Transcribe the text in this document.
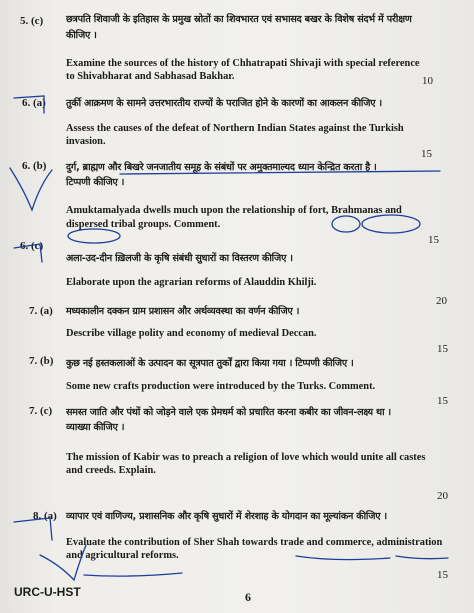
5. (c) छत्रपति शिवाजी के इतिहास के प्रमुख स्रोतों का शिवभारत एवं सभासद बखर के विशेष संदर्भ में परीक्षण
कीजिए ।
Examine the sources of the history of Chhatrapati Shivaji with special reference
to Shivabharat and Sabhasad Bakhar.	10
6. (a) तुर्की आक्रमण के सामने उत्तरभारतीय राज्यों के पराजित होने के कारणों का आकलन कीजिए ।
Assess the causes of the defeat of Northern Indian States against the Turkish
invasion.
15
6. (b) दुर्ग, ब्राह्मण और बिखरे जनजातीय समूह के संबंधों पर अमुक्तमाल्यद ध्यान केन्द्रित करता है ।
टिप्पणी कीजिए ।
Amuktamalyada dwells much upon the relationship of fort, Brahmanas and
dispersed tribal groups. Comment.
15
6. (c)
अला-उद-दीन ख़िलजी के कृषि संबंधी सुधारों का विस्तरण कीजिए ।
Elaborate upon the agrarian reforms of Alauddin Khilji.
20
7. (a) मध्यकालीन दक्कन ग्राम प्रशासन और अर्थव्यवस्था का वर्णन कीजिए ।
Describe village polity and economy of medieval Deccan.
15
7. (b) कुछ नई हस्तकलाओं के उत्पादन का सूत्रपात तुर्कों द्वारा किया गया । टिप्पणी कीजिए ।
Some new crafts production were introduced by the Turks. Comment.
15
7. (c) समस्त जाति और पंथों को जोड़ने वाले एक प्रेमधर्म को प्रचारित करना कबीर का जीवन-लक्ष्य था ।
व्याख्या कीजिए ।
The mission of Kabir was to preach a religion of love which would unite all castes
and creeds. Explain.
20
8. (a) व्यापार एवं वाणिज्य, प्रशासनिक और कृषि सुधारों में शेरशाह के योगदान का मूल्यांकन कीजिए ।
Evaluate the contribution of Sher Shah towards trade and commerce, administration
and agricultural reforms.
15
URC-U-HST	6
